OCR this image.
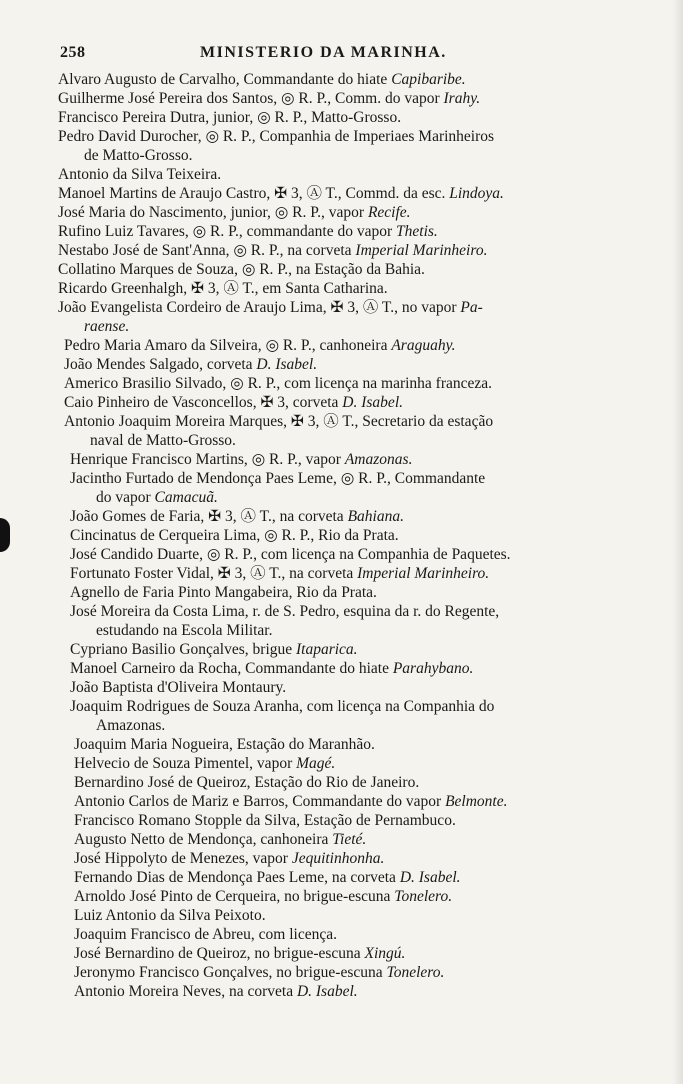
258	MINISTERIO DA MARINHA.
Alvaro Augusto de Carvalho, Commandante do hiate Capibaribe.
Guilherme José Pereira dos Santos, ◎ R. P., Comm. do vapor Irahy.
Francisco Pereira Dutra, junior, ◎ R. P., Matto-Grosso.
Pedro David Durocher, ◎ R. P., Companhia de Imperiaes Marinheiros
de Matto-Grosso.
Antonio da Silva Teixeira.
Manoel Martins de Araujo Castro, ✠ 3, Ⓐ T., Commd. da esc. Lindoya.
José Maria do Nascimento, junior, ◎ R. P., vapor Recife.
Rufino Luiz Tavares, ◎ R. P., commandante do vapor Thetis.
Nestabo José de Sant'Anna, ◎ R. P., na corveta Imperial Marinheiro.
Collatino Marques de Souza, ◎ R. P., na Estação da Bahia.
Ricardo Greenhalgh, ✠ 3, Ⓐ T., em Santa Catharina.
João Evangelista Cordeiro de Araujo Lima, ✠ 3, Ⓐ T., no vapor Pa-
raense.
Pedro Maria Amaro da Silveira, ◎ R. P., canhoneira Araguahy.
João Mendes Salgado, corveta D. Isabel.
Americo Brasilio Silvado, ◎ R. P., com licença na marinha franceza.
Caio Pinheiro de Vasconcellos, ✠ 3, corveta D. Isabel.
Antonio Joaquim Moreira Marques, ✠ 3, Ⓐ T., Secretario da estação
naval de Matto-Grosso.
Henrique Francisco Martins, ◎ R. P., vapor Amazonas.
Jacintho Furtado de Mendonça Paes Leme, ◎ R. P., Commandante
do vapor Camacuã.
João Gomes de Faria, ✠ 3, Ⓐ T., na corveta Bahiana.
Cincinatus de Cerqueira Lima, ◎ R. P., Rio da Prata.
José Candido Duarte, ◎ R. P., com licença na Companhia de Paquetes.
Fortunato Foster Vidal, ✠ 3, Ⓐ T., na corveta Imperial Marinheiro.
Agnello de Faria Pinto Mangabeira, Rio da Prata.
José Moreira da Costa Lima, r. de S. Pedro, esquina da r. do Regente,
estudando na Escola Militar.
Cypriano Basilio Gonçalves, brigue Itaparica.
Manoel Carneiro da Rocha, Commandante do hiate Parahybano.
João Baptista d'Oliveira Montaury.
Joaquim Rodrigues de Souza Aranha, com licença na Companhia do
Amazonas.
Joaquim Maria Nogueira, Estação do Maranhão.
Helvecio de Souza Pimentel, vapor Magé.
Bernardino José de Queiroz, Estação do Rio de Janeiro.
Antonio Carlos de Mariz e Barros, Commandante do vapor Belmonte.
Francisco Romano Stopple da Silva, Estação de Pernambuco.
Augusto Netto de Mendonça, canhoneira Tieté.
José Hippolyto de Menezes, vapor Jequitinhonha.
Fernando Dias de Mendonça Paes Leme, na corveta D. Isabel.
Arnoldo José Pinto de Cerqueira, no brigue-escuna Tonelero.
Luiz Antonio da Silva Peixoto.
Joaquim Francisco de Abreu, com licença.
José Bernardino de Queiroz, no brigue-escuna Xingú.
Jeronymo Francisco Gonçalves, no brigue-escuna Tonelero.
Antonio Moreira Neves, na corveta D. Isabel.
